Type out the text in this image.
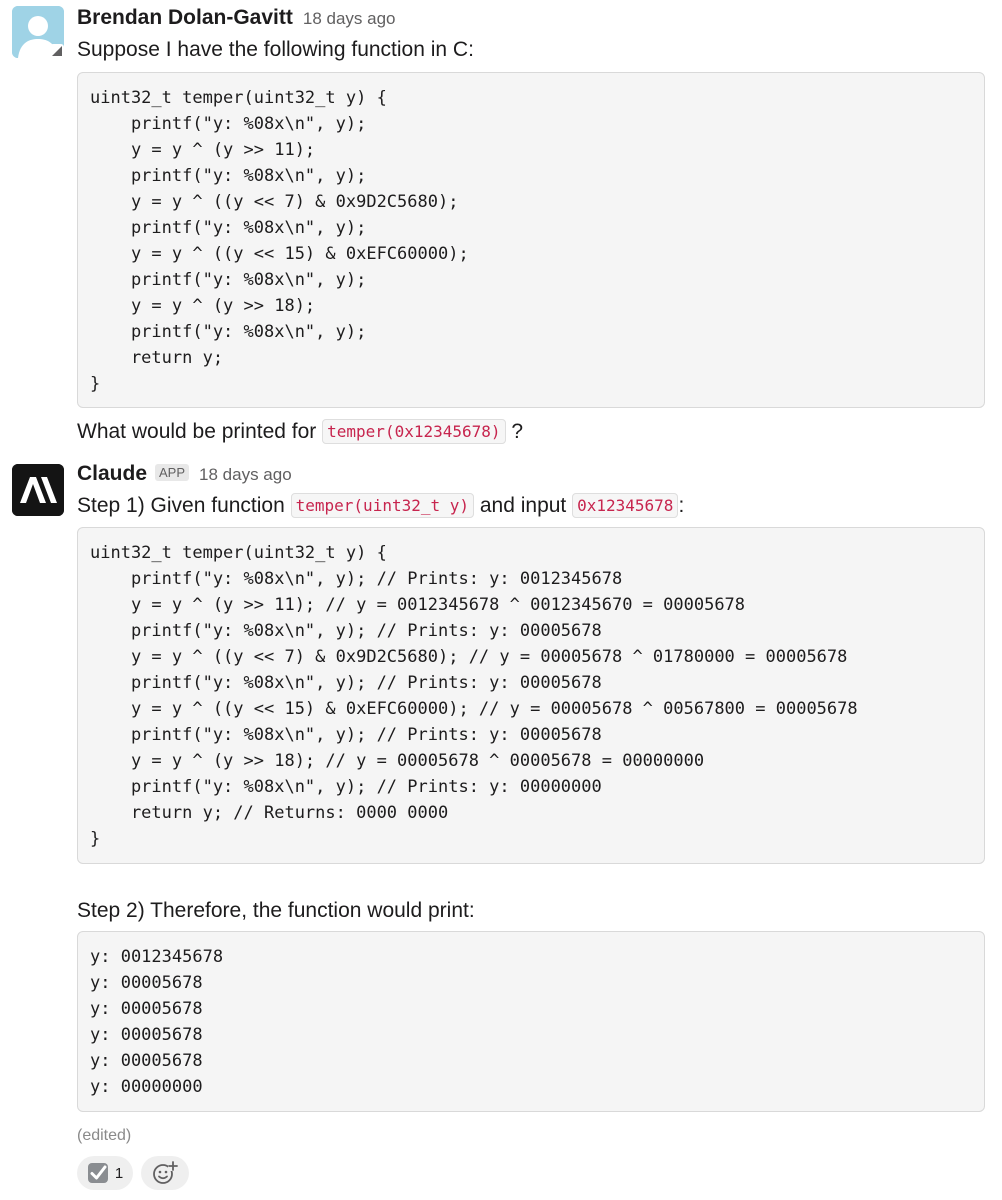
Brendan Dolan-Gavitt 18 days ago
Suppose I have the following function in C:
uint32_t temper(uint32_t y) {
printf("y: %08x\n", y);
y = y ^ (y >> 11);
printf("y: %08x\n", y);
y = y ^ ((y << 7) & 0x9D2C5680);
printf("y: %08x\n", y);
y = y ^ ((y << 15) & 0xEFC60000);
printf("y: %08x\n", y);
y = y ^ (y >> 18);
printf("y: %08x\n", y);
return y;
}
What would be printed for temper(0x12345678) ?
Claude APP 18 days ago
Step 1) Given function temper(uint32_t y) and input 0x12345678 :
uint32_t temper(uint32_t y) {
printf("y: %08x\n", y); // Prints: y: 0012345678
y = y ^ (y >> 11); // y = 0012345678 ^ 0012345670 = 00005678
printf("y: %08x\n", y); // Prints: y: 00005678
y = y ^ ((y << 7) & 0x9D2C5680); // y = 00005678 ^ 01780000 = 00005678
printf("y: %08x\n", y); // Prints: y: 00005678
y = y ^ ((y << 15) & 0xEFC60000); // y = 00005678 ^ 00567800 = 00005678
printf("y: %08x\n", y); // Prints: y: 00005678
y = y ^ (y >> 18); // y = 00005678 ^ 00005678 = 00000000
printf("y: %08x\n", y); // Prints: y: 00000000
return y; // Returns: 0000 0000
}
Step 2) Therefore, the function would print:
y: 0012345678
y: 00005678
y: 00005678
y: 00005678
y: 00005678
y: 00000000
(edited)
1
